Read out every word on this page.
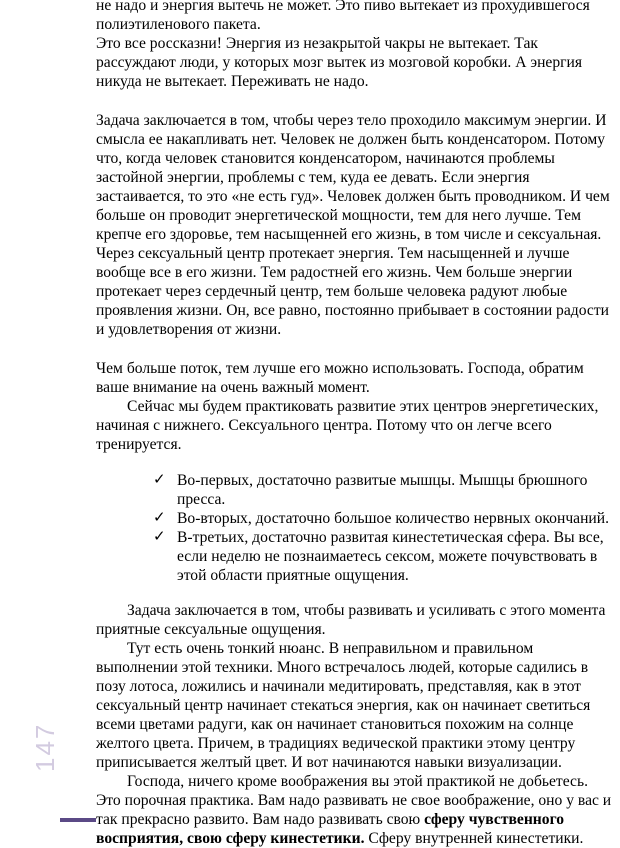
не надо и энергия вытечь не может. Это пиво вытекает из прохудившегося полиэтиленового пакета.

Это все россказни! Энергия из незакрытой чакры не вытекает. Так рассуждают люди, у которых мозг вытек из мозговой коробки. А энергия никуда не вытекает. Переживать не надо.

Задача заключается в том, чтобы через тело проходило максимум энергии. И смысла ее накапливать нет. Человек не должен быть конденсатором. Потому что, когда человек становится конденсатором, начинаются проблемы застойной энергии, проблемы с тем, куда ее девать. Если энергия застаивается, то это «не есть гуд». Человек должен быть проводником. И чем больше он проводит энергетической мощности, тем для него лучше. Тем крепче его здоровье, тем насыщенней его жизнь, в том числе и сексуальная. Через сексуальный центр протекает энергия. Тем насыщенней и лучше вообще все в его жизни. Тем радостней его жизнь. Чем больше энергии протекает через сердечный центр, тем больше человека радуют любые проявления жизни. Он, все равно, постоянно прибывает в состоянии радости и удовлетворения от жизни.

Чем больше поток, тем лучше его можно использовать. Господа, обратим ваше внимание на очень важный момент.

Сейчас мы будем практиковать развитие этих центров энергетических, начиная с нижнего. Сексуального центра. Потому что он легче всего тренируется.

✓ Во-первых, достаточно развитые мышцы. Мышцы брюшного пресса.
✓ Во-вторых, достаточно большое количество нервных окончаний.
✓ В-третьих, достаточно развитая кинестетическая сфера. Вы все, если неделю не познаимаетесь сексом, можете почувствовать в этой области приятные ощущения.

Задача заключается в том, чтобы развивать и усиливать с этого момента приятные сексуальные ощущения.

Тут есть очень тонкий нюанс. В неправильном и правильном выполнении этой техники. Много встречалось людей, которые садились в позу лотоса, ложились и начинали медитировать, представляя, как в этот сексуальный центр начинает стекаться энергия, как он начинает светиться всеми цветами радуги, как он начинает становиться похожим на солнце желтого цвета. Причем, в традициях ведической практики этому центру приписывается желтый цвет. И вот начинаются навыки визуализации.

Господа, ничего кроме воображения вы этой практикой не добьетесь. Это порочная практика. Вам надо развивать не свое воображение, оно у вас и так прекрасно развито. Вам надо развивать свою сферу чувственного восприятия, свою сферу кинестетики. Сферу внутренней кинестетики.

147
